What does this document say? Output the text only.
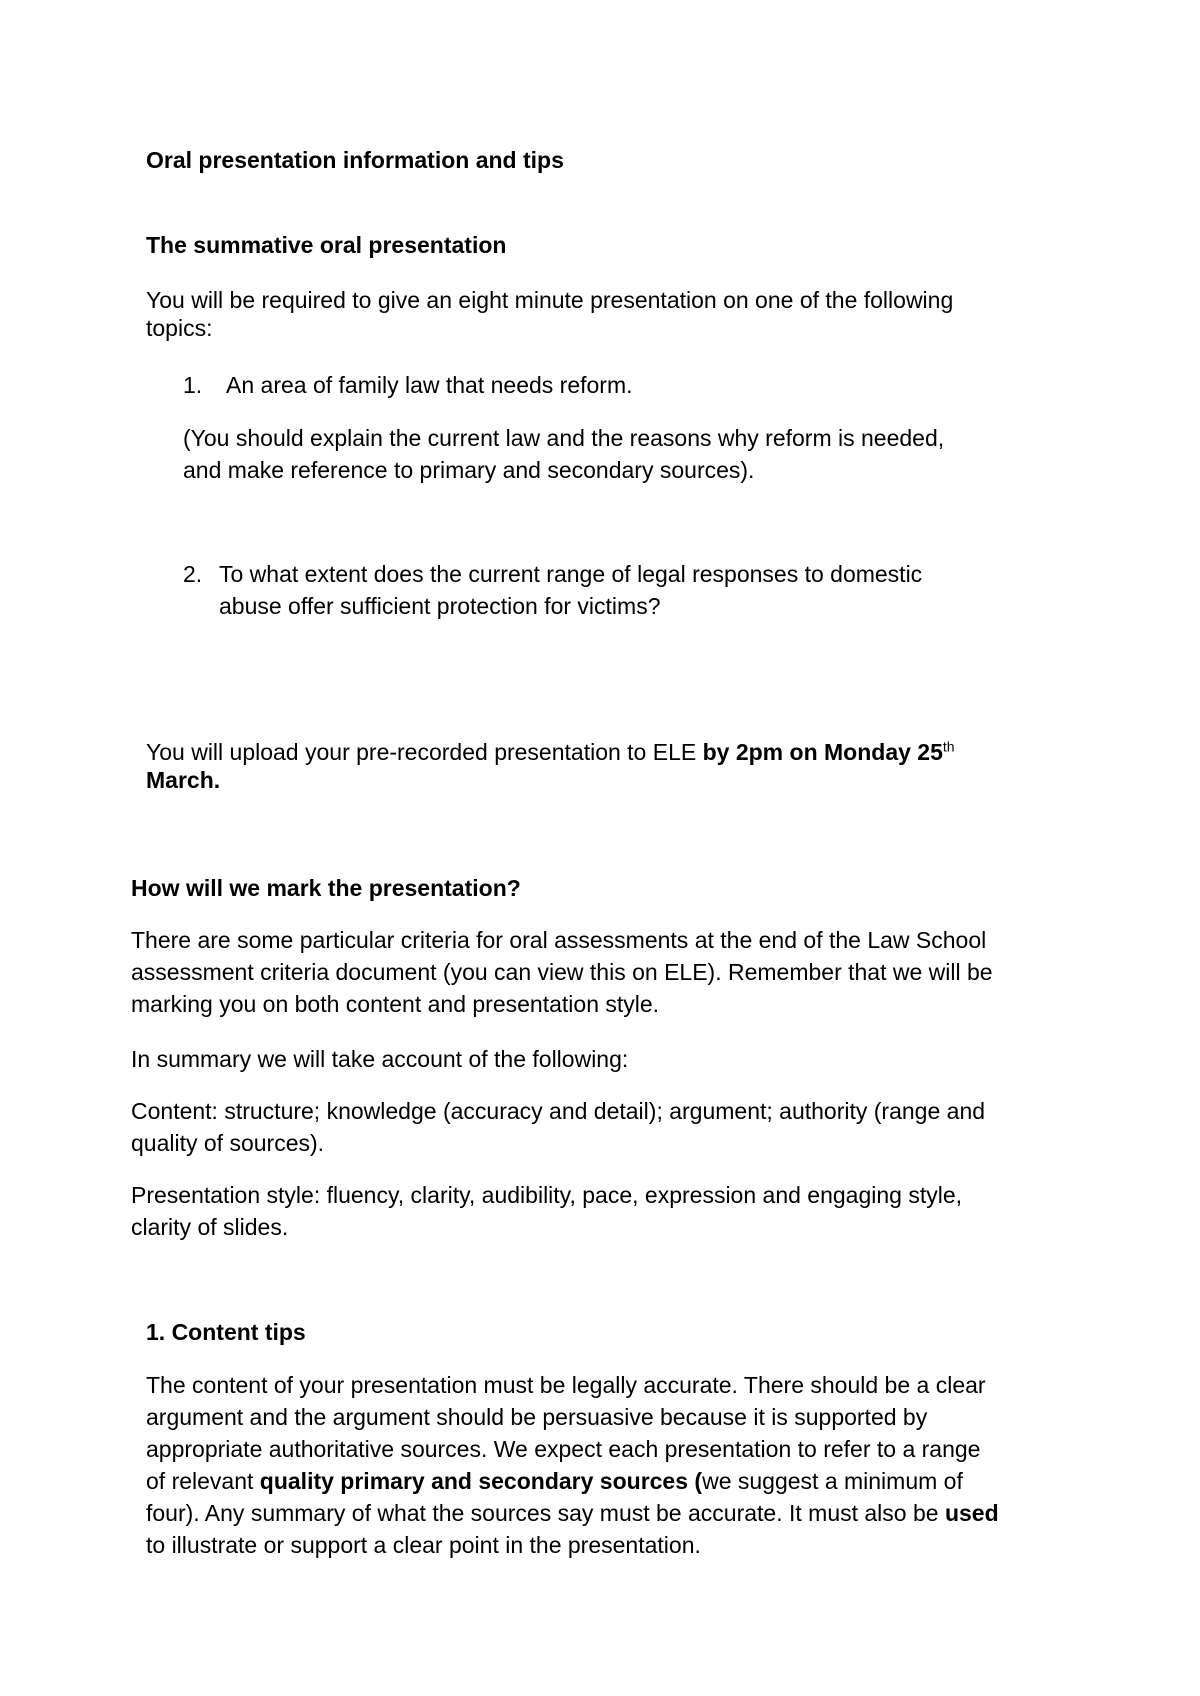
Oral presentation information and tips

The summative oral presentation

You will be required to give an eight minute presentation on one of the following

topics:

1. An area of family law that needs reform.

(You should explain the current law and the reasons why reform is needed,

and make reference to primary and secondary sources).

2. To what extent does the current range of legal responses to domestic

abuse offer sufficient protection for victims?

You will upload your pre-recorded presentation to ELE by 2pm on Monday 25th

March.

How will we mark the presentation?

There are some particular criteria for oral assessments at the end of the Law School

assessment criteria document (you can view this on ELE). Remember that we will be

marking you on both content and presentation style.

In summary we will take account of the following:

Content: structure; knowledge (accuracy and detail); argument; authority (range and

quality of sources).

Presentation style: fluency, clarity, audibility, pace, expression and engaging style,

clarity of slides.

1. Content tips

The content of your presentation must be legally accurate. There should be a clear

argument and the argument should be persuasive because it is supported by

appropriate authoritative sources. We expect each presentation to refer to a range

of relevant quality primary and secondary sources (we suggest a minimum of

four). Any summary of what the sources say must be accurate. It must also be used

to illustrate or support a clear point in the presentation.
